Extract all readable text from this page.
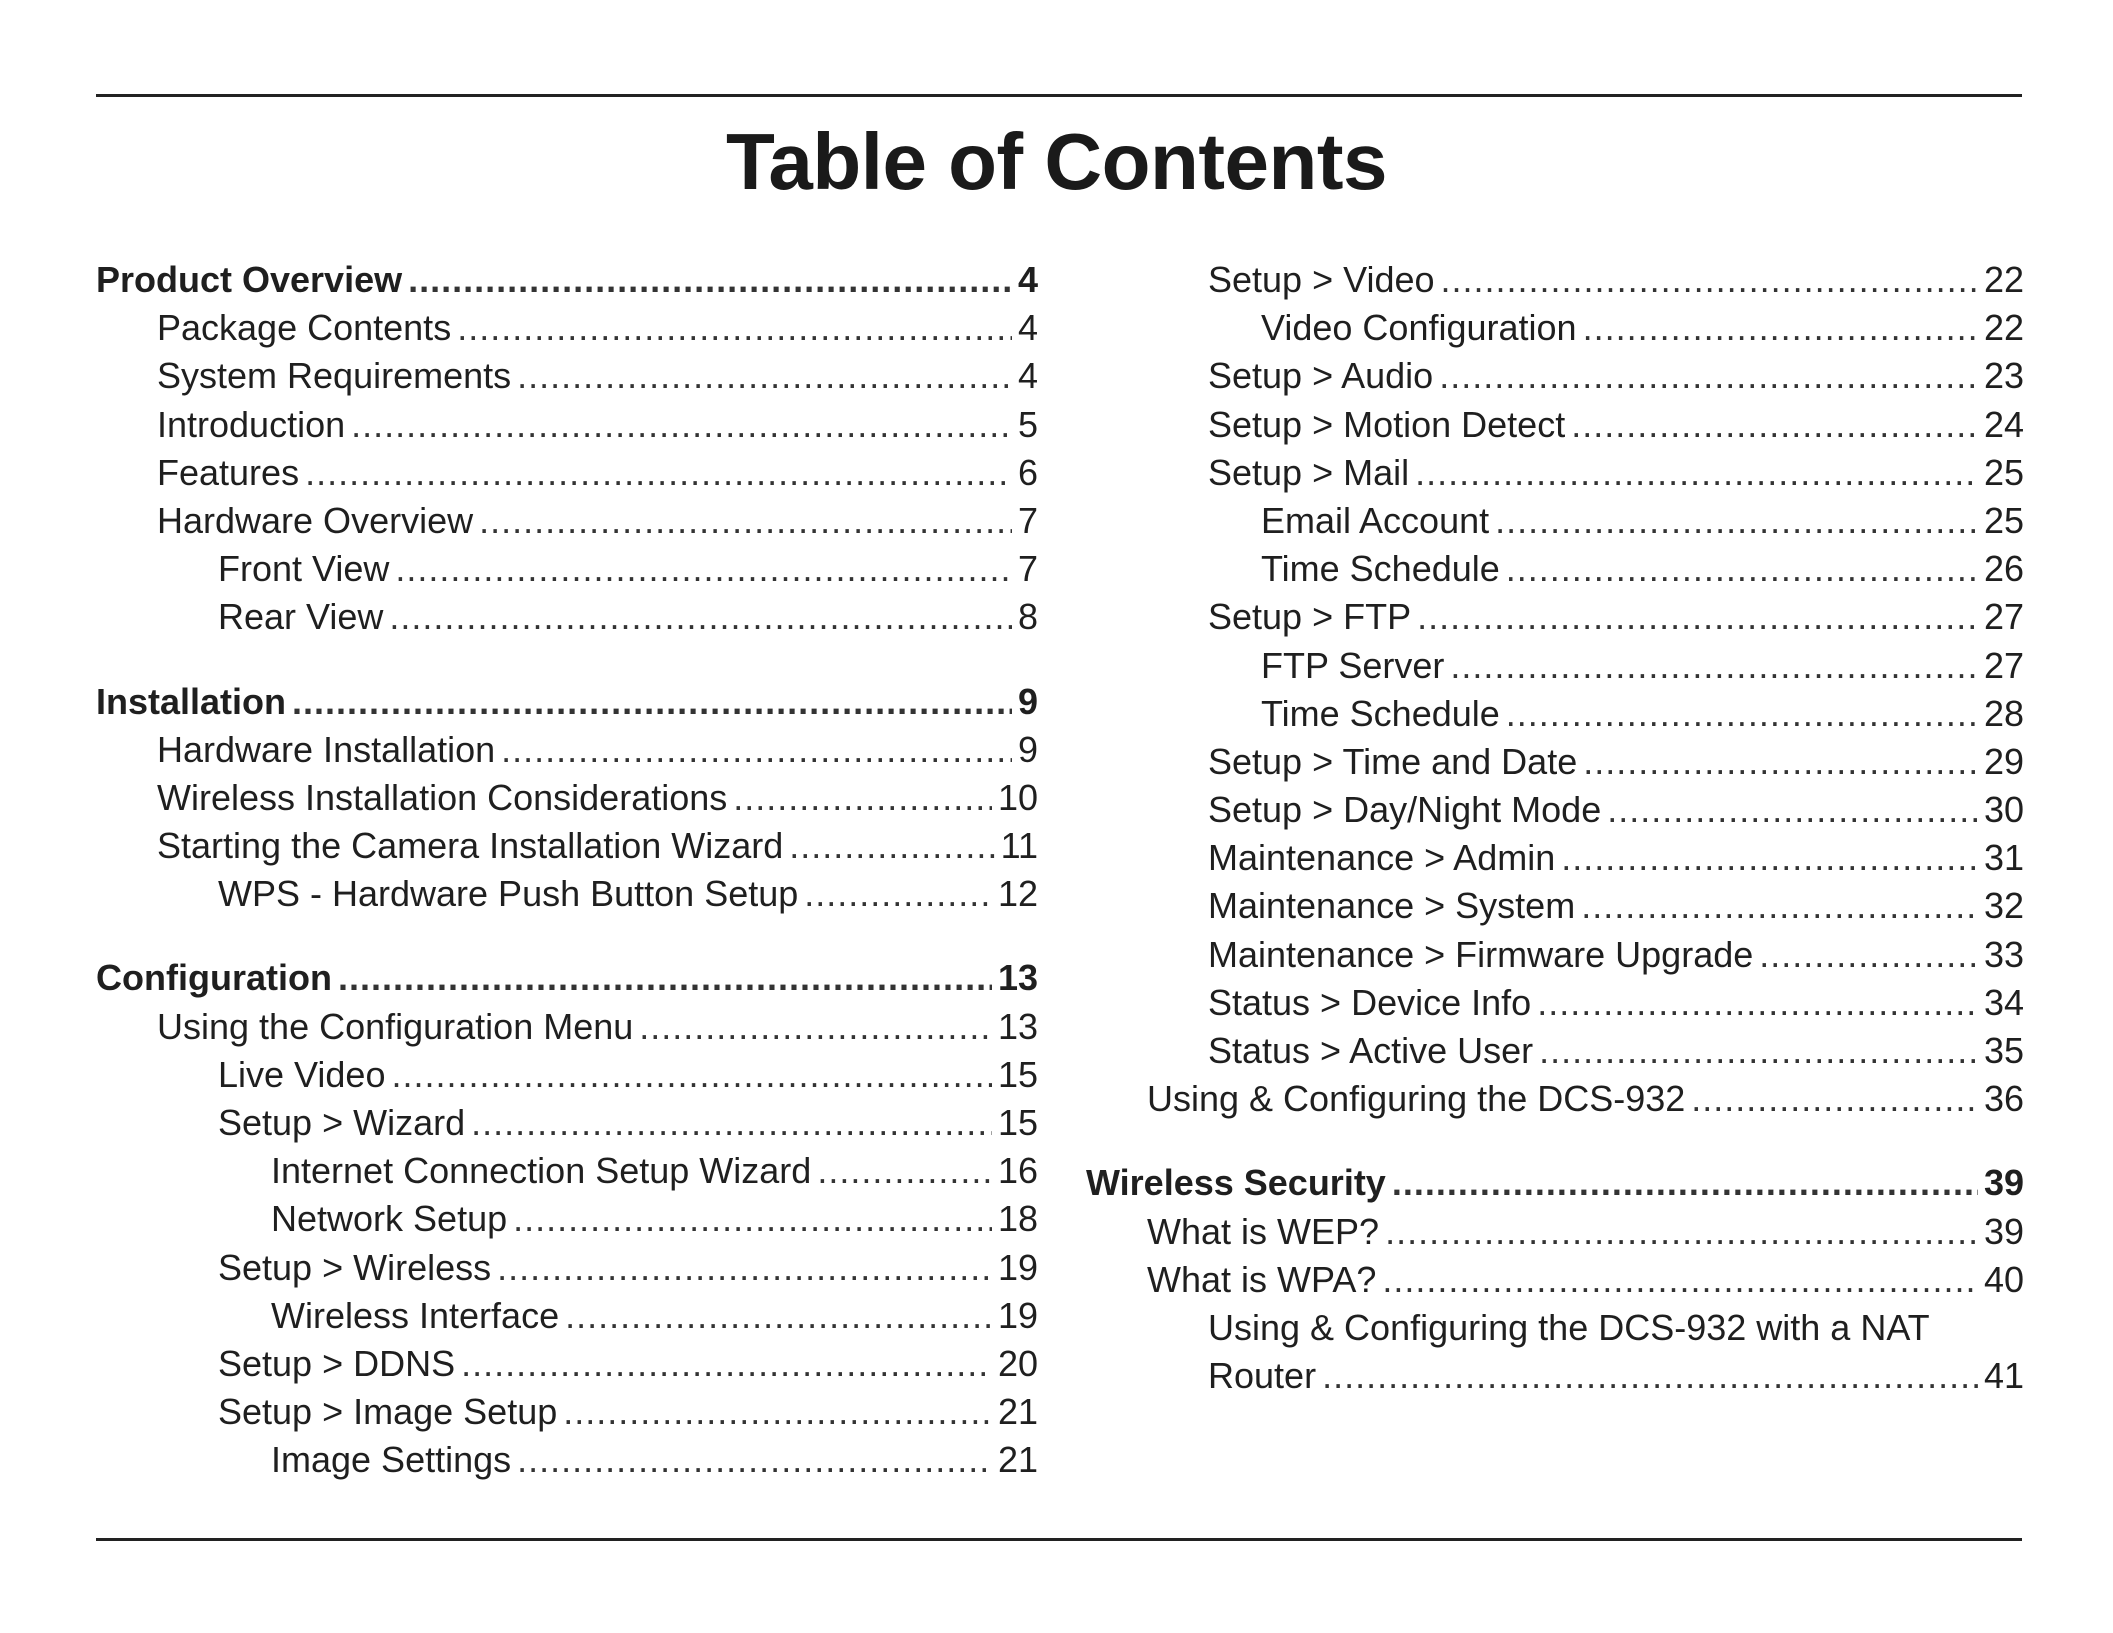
Table of Contents
Product Overview .....	4
Package Contents .....	4
System Requirements .....	4
Introduction .....	5
Features .....	6
Hardware Overview .....	7
Front View .....	7
Rear View .....	8
Installation .....	9
Hardware Installation .....	9
Wireless Installation Considerations .....	10
Starting the Camera Installation Wizard .....	11
WPS - Hardware Push Button Setup .....	12
Configuration .....	13
Using the Configuration Menu .....	13
Live Video .....	15
Setup > Wizard .....	15
Internet Connection Setup Wizard .....	16
Network Setup .....	18
Setup > Wireless .....	19
Wireless Interface .....	19
Setup > DDNS .....	20
Setup > Image Setup .....	21
Image Settings .....	21
Setup > Video .....	22
Video Configuration .....	22
Setup > Audio .....	23
Setup > Motion Detect .....	24
Setup > Mail .....	25
Email Account .....	25
Time Schedule .....	26
Setup > FTP .....	27
FTP Server .....	27
Time Schedule .....	28
Setup > Time and Date .....	29
Setup > Day/Night Mode .....	30
Maintenance > Admin .....	31
Maintenance > System .....	32
Maintenance > Firmware Upgrade .....	33
Status > Device Info .....	34
Status > Active User .....	35
Using & Configuring the DCS-932 .....	36
Wireless Security .....	39
What is WEP? .....	39
What is WPA? .....	40
Using & Configuring the DCS-932 with a NAT
Router .....	41
